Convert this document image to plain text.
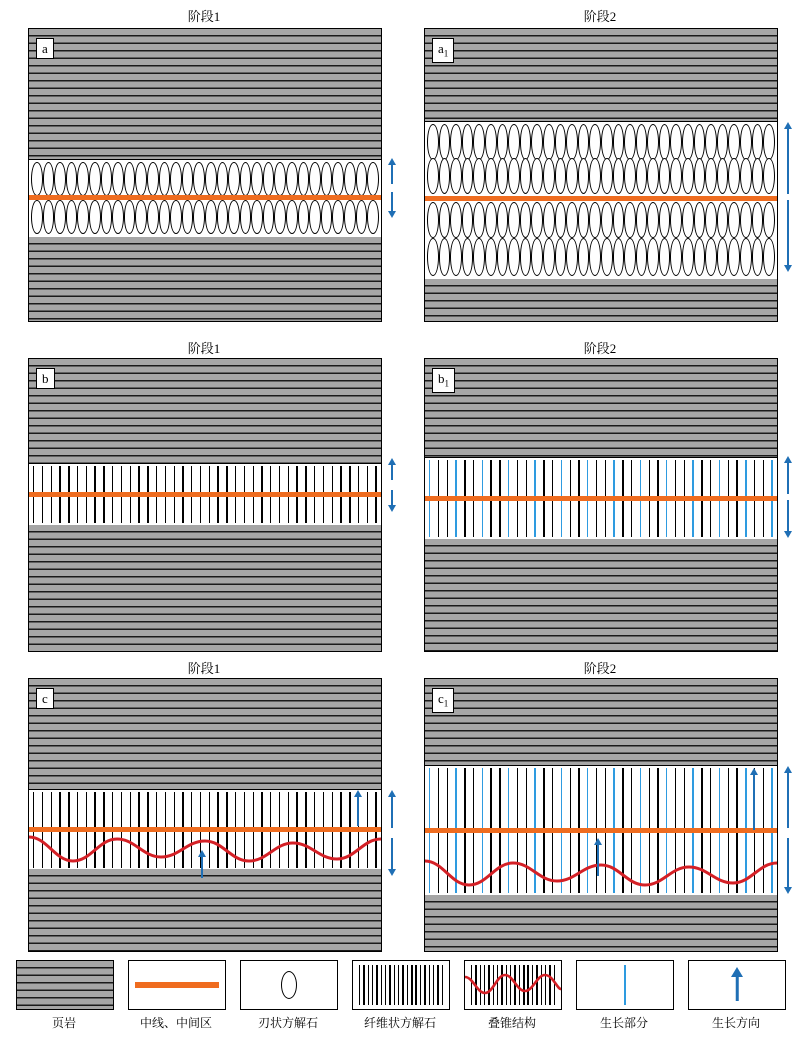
阶段1	阶段2
a	$a_1$
阶段1	阶段2
b	$b_1$
阶段1	阶段2
c	$c_1$
页岩	中线、中间区	刃状方解石	纤维状方解石	叠锥结构	生长部分	生长方向
